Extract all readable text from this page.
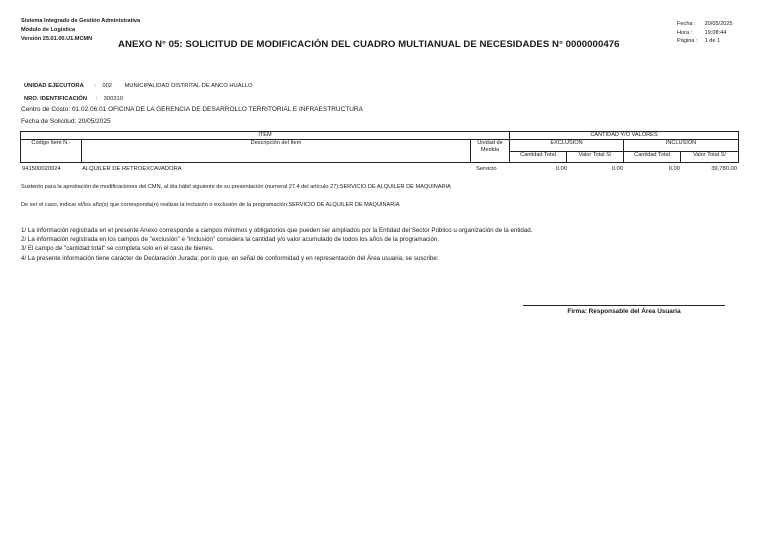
Sistema Integrado de Gestión Administrativa
Módulo de Logística
Versión 25.01.00.U1.MCMN	ANEXO N° 05: SOLICITUD DE MODIFICACIÓN DEL CUADRO MULTIANUAL DE NECESIDADES N° 0000000476
Fecha : 20/05/2025
Hora : 19:08:44
Página : 1 de 1
UNIDAD EJECUTORA : 002 MUNICIPALIDAD DISTRITAL DE ANCO HUALLO
NRO. IDENTIFICACIÓN : 300310
Centro de Costo: 01.02.06.01 OFICINA DE LA GERENCIA DE DESARROLLO TERRITORIAL E INFRAESTRUCTURA
Fecha de Solicitud: 20/05/2025
ITEM			CANTIDAD Y/O VALORES			
Código Item N.-	Descripción del Item	Unidad de Medida	EXCLUSIÓN		INCLUSIÓN	
			Cantidad Total	Valor Total S/	Cantidad Total	Valor Total S/
941500020024	ALQUILER DE RETROEXCAVADORA	Servicio	0.00	0.00	0.00	39,780.00
Sustento para la aprobación de modificaciones del CMN, al día hábil siguiente de su presentación (numeral 27.4 del artículo 27):SERVICIO DE ALQUILER DE MAQUINARIA
De ser el caso, indicar el/los año(s) que corresponda(n) realizar la inclusión o exclusión de la programación:SERVICIO DE ALQUILER DE MAQUINARIA
1/ La información registrada en el presente Anexo corresponde a campos mínimos y obligatorios que pueden ser ampliados por la Entidad del Sector Público u organización de la entidad.
2/ La información registrada en los campos de "exclusión" e "inclusión" considera la cantidad y/o valor acumulado de todos los años de la programación.
3/ El campo de "cantidad total" se completa solo en el caso de bienes.
4/ La presente información tiene carácter de Declaración Jurada; por lo que, en señal de conformidad y en representación del Área usuaria, se suscribe:
Firma: Responsable del Área Usuaria
